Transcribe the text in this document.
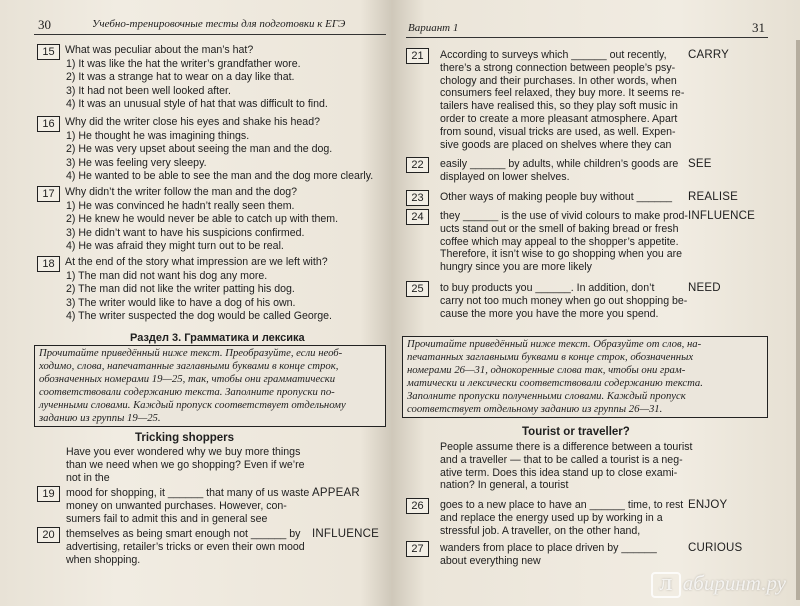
30	Учебно-тренировочные тесты для подготовки к ЕГЭ
15 What was peculiar about the man’s hat?
1) It was like the hat the writer’s grandfather wore.
2) It was a strange hat to wear on a day like that.
3) It had not been well looked after.
4) It was an unusual style of hat that was difficult to find.
16 Why did the writer close his eyes and shake his head?
1) He thought he was imagining things.
2) He was very upset about seeing the man and the dog.
3) He was feeling very sleepy.
4) He wanted to be able to see the man and the dog more clearly.
17 Why didn’t the writer follow the man and the dog?
1) He was convinced he hadn’t really seen them.
2) He knew he would never be able to catch up with them.
3) He didn’t want to have his suspicions confirmed.
4) He was afraid they might turn out to be real.
18 At the end of the story what impression are we left with?
1) The man did not want his dog any more.
2) The man did not like the writer patting his dog.
3) The writer would like to have a dog of his own.
4) The writer suspected the dog would be called George.
Раздел 3. Грамматика и лексика
Прочитайте приведённый ниже текст. Преобразуйте, если необ-
ходимо, слова, напечатанные заглавными буквами в конце строк,
обозначенных номерами 19—25, так, чтобы они грамматически
соответствовали содержанию текста. Заполните пропуски по-
лученными словами. Каждый пропуск соответствует отдельному
заданию из группы 19—25.
Tricking shoppers
Have you ever wondered why we buy more things
than we need when we go shopping? Even if we’re
not in the
19	mood for shopping, it ______ that many of us waste
money on unwanted purchases. However, con-
sumers fail to admit this and in general see
APPEAR
20	themselves as being smart enough not ______ by
advertising, retailer’s tricks or even their own mood
when shopping.
INFLUENCE
Вариант 1	31
21	According to surveys which ______ out recently,
there’s a strong connection between people’s psy-
chology and their purchases. In other words, when
consumers feel relaxed, they buy more. It seems re-
tailers have realised this, so they play soft music in
order to create a more pleasant atmosphere. Apart
from sound, visual tricks are used, as well. Expen-
sive goods are placed on shelves where they can
CARRY
22	easily ______ by adults, while children’s goods are
displayed on lower shelves.
SEE
23	Other ways of making people buy without ______ REALISE
24	they ______ is the use of vivid colours to make prod-
ucts stand out or the smell of baking bread or fresh
coffee which may appeal to the shopper’s appetite.
Therefore, it isn’t wise to go shopping when you are
hungry since you are more likely
INFLUENCE
25	to buy products you ______. In addition, don’t
carry not too much money when go out shopping be-
cause the more you have the more you spend.
NEED
Прочитайте приведённый ниже текст. Образуйте от слов, на-
печатанных заглавными буквами в конце строк, обозначенных
номерами 26—31, однокоренные слова так, чтобы они грам-
матически и лексически соответствовали содержанию текста.
Заполните пропуски полученными словами. Каждый пропуск
соответствует отдельному заданию из группы 26—31.
Tourist or traveller?
People assume there is a difference between a tourist
and a traveller — that to be called a tourist is a neg-
ative term. Does this idea stand up to close exami-
nation? In general, a tourist
26	goes to a new place to have an ______ time, to rest
and replace the energy used up by working in a
stressful job. A traveller, on the other hand,
ENJOY
27	wanders from place to place driven by ______
about everything new
CURIOUS
Л абиринт.ру
